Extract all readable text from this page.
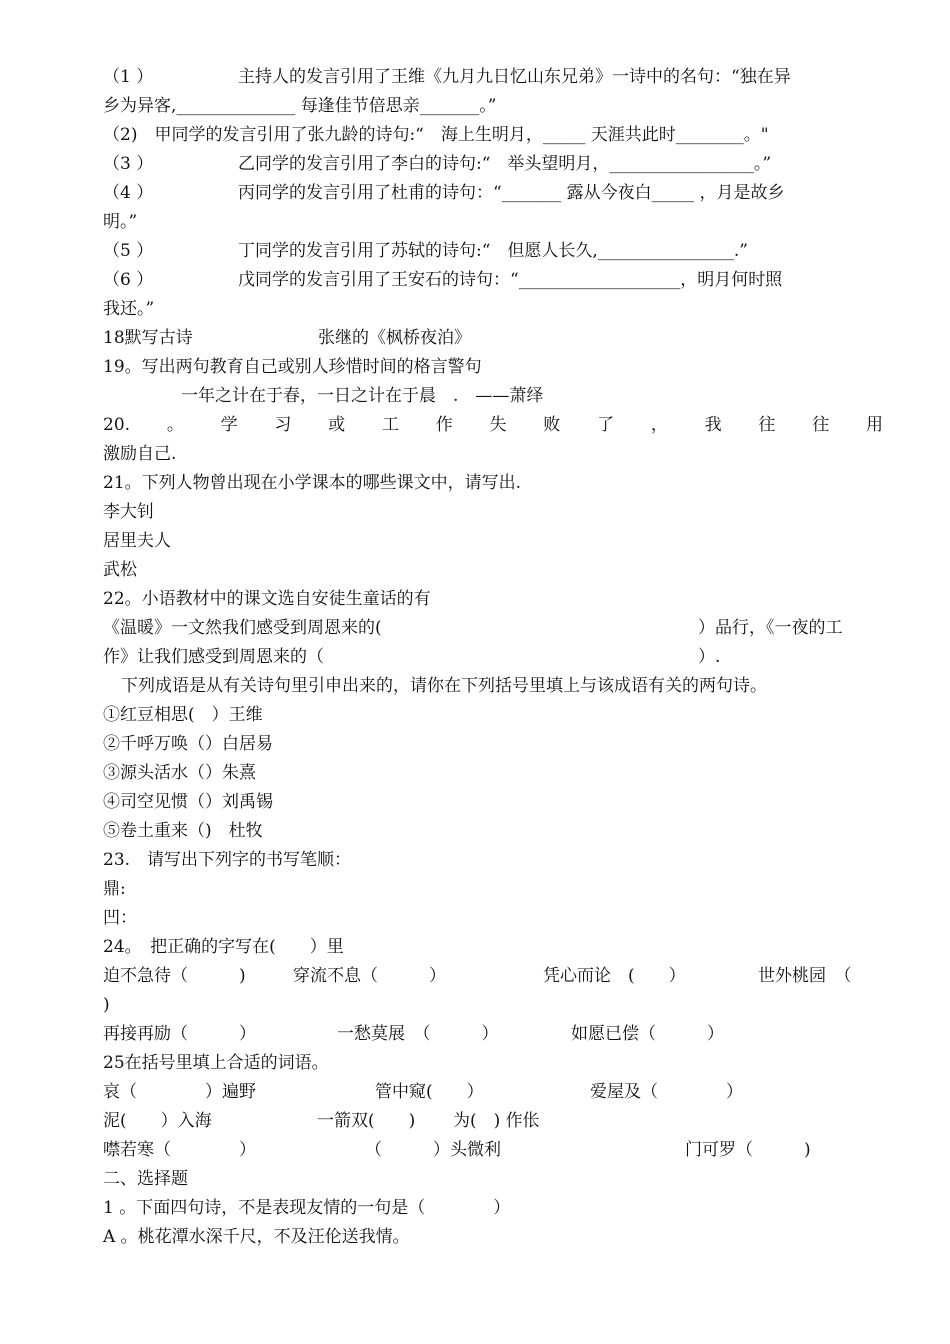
（1 ）	主持人的发言引用了王维《九月九日忆山东兄弟》一诗中的名句：“独在异
乡为异客,______________ 每逢佳节倍思亲_______。”
（2)　甲同学的发言引用了张九龄的诗句:“　海上生明月，_____ 天涯共此时________。"
（3 ）	乙同学的发言引用了李白的诗句:“　举头望明月，_________________。”
（4 ）	丙同学的发言引用了杜甫的诗句：“_______ 露从今夜白_____ ，月是故乡
明。”
（5 ）	丁同学的发言引用了苏轼的诗句:“　但愿人长久,________________.”
（6 ）	戊同学的发言引用了王安石的诗句：“___________________，明月何时照
我还。”
18默写古诗	张继的《枫桥夜泊》
19。写出两句教育自己或别人珍惜时间的格言警句
一年之计在于春，一日之计在于晨　.　——萧绎
20. 。 学 习 或 工 作 失 败 了 ， 我 往 往 用
激励自己.
21。下列人物曾出现在小学课本的哪些课文中，请写出.
李大钊
居里夫人
武松
22。小语教材中的课文选自安徒生童话的有
《温暖》一文然我们感受到周恩来的(	）品行，《一夜的工
作》让我们感受到周恩来的（	）.
下列成语是从有关诗句里引申出来的，请你在下列括号里填上与该成语有关的两句诗。
①红豆相思(　）王维
②千呼万唤（）白居易
③源头活水（）朱熹
④司空见惯（）刘禹锡
⑤卷土重来（)　杜牧
23.　请写出下列字的书写笔顺：
鼎:
凹：
24。　把正确的字写在(　　）里
迫不急待（　　　)	穿流不息（　　　）	凭心而论　(　　）	世外桃园　（
)
再接再励（　　　）	一愁莫展　（　　　）	如愿已偿（　　　）
25在括号里填上合适的词语。
哀（　　　　）遍野	管中窥(　　）	爱屋及（　　　　）
泥(　　）入海	一箭双(　　)	为(　) 作伥
噤若寒（　　　　）	（　　　）头微利	门可罗（　　　)
二、选择题
1 。下面四句诗，不是表现友情的一句是（　　　　）
A 。桃花潭水深千尺，不及汪伦送我情。
